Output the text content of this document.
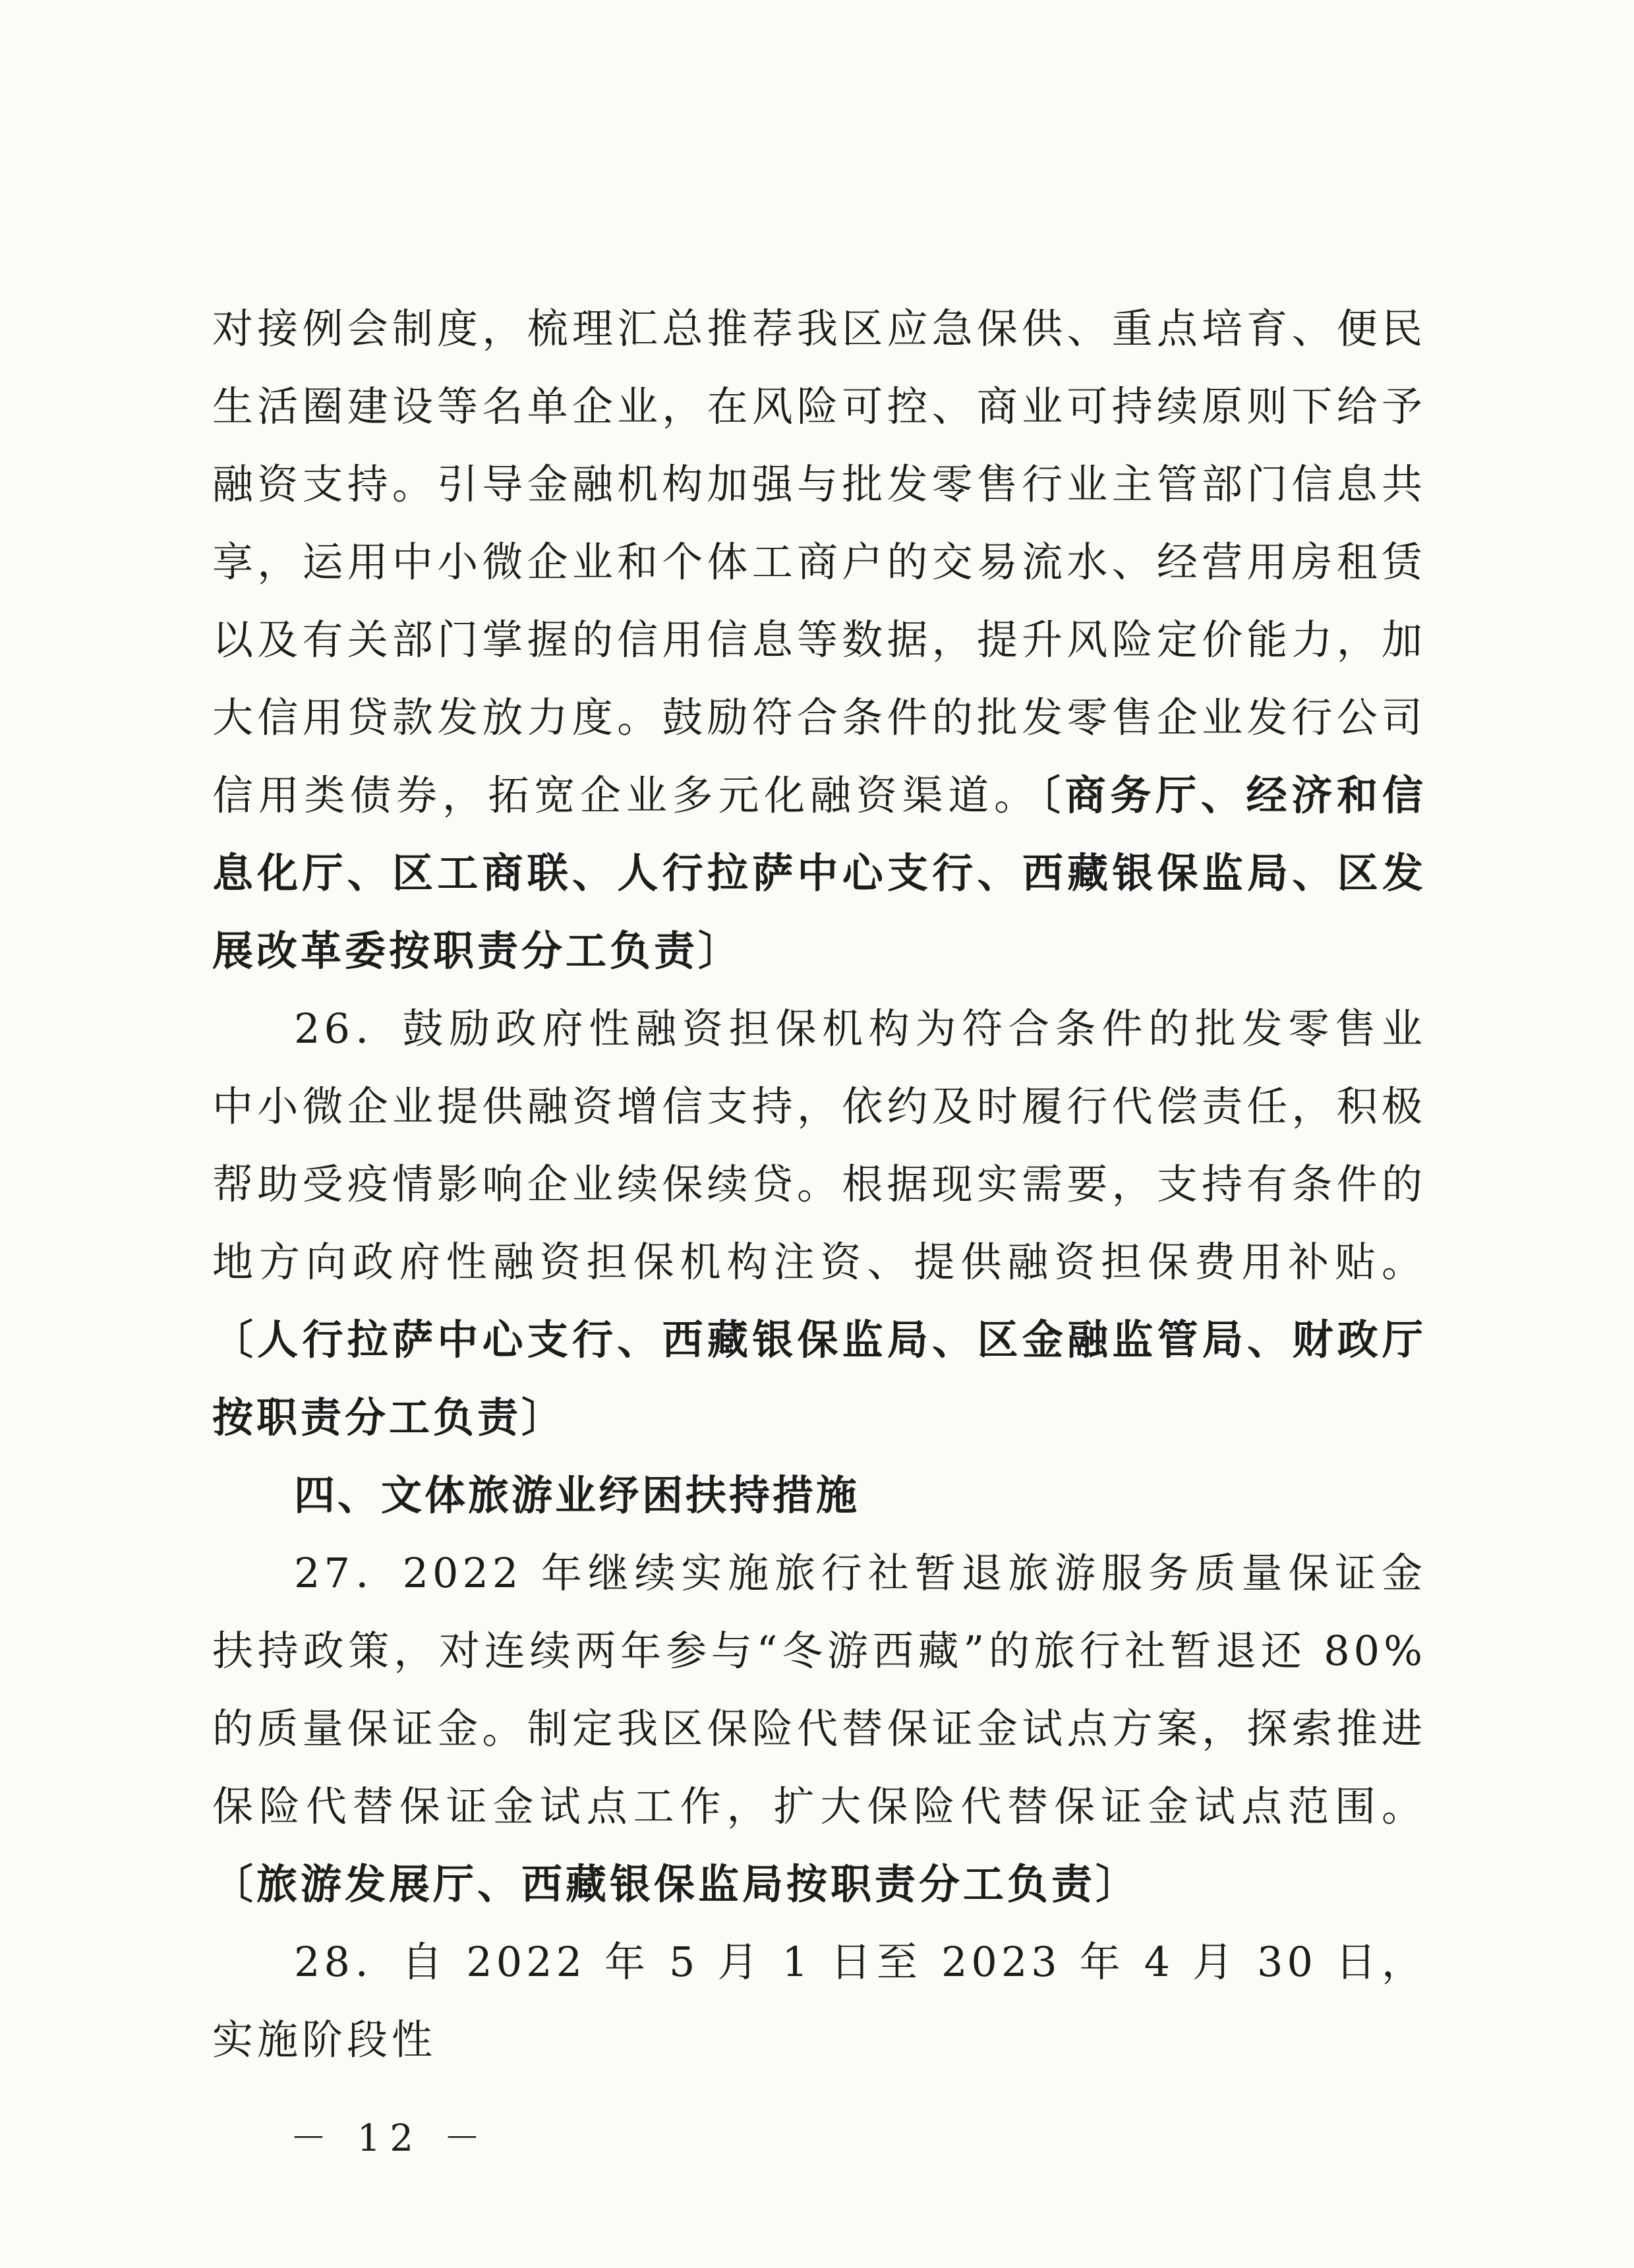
对接例会制度，梳理汇总推荐我区应急保供、重点培育、便民生活圈建设等名单企业，在风险可控、商业可持续原则下给予融资支持。引导金融机构加强与批发零售行业主管部门信息共享，运用中小微企业和个体工商户的交易流水、经营用房租赁以及有关部门掌握的信用信息等数据，提升风险定价能力，加大信用贷款发放力度。鼓励符合条件的批发零售企业发行公司信用类债券，拓宽企业多元化融资渠道。〔商务厅、经济和信息化厅、区工商联、人行拉萨中心支行、西藏银保监局、区发展改革委按职责分工负责〕

26．鼓励政府性融资担保机构为符合条件的批发零售业中小微企业提供融资增信支持，依约及时履行代偿责任，积极帮助受疫情影响企业续保续贷。根据现实需要，支持有条件的地方向政府性融资担保机构注资、提供融资担保费用补贴。〔人行拉萨中心支行、西藏银保监局、区金融监管局、财政厅按职责分工负责〕

四、文体旅游业纾困扶持措施

27．2022 年继续实施旅行社暂退旅游服务质量保证金扶持政策，对连续两年参与“冬游西藏”的旅行社暂退还 80%的质量保证金。制定我区保险代替保证金试点方案，探索推进保险代替保证金试点工作，扩大保险代替保证金试点范围。〔旅游发展厅、西藏银保监局按职责分工负责〕

28．自 2022 年 5 月 1 日至 2023 年 4 月 30 日，实施阶段性

－ 12 －
